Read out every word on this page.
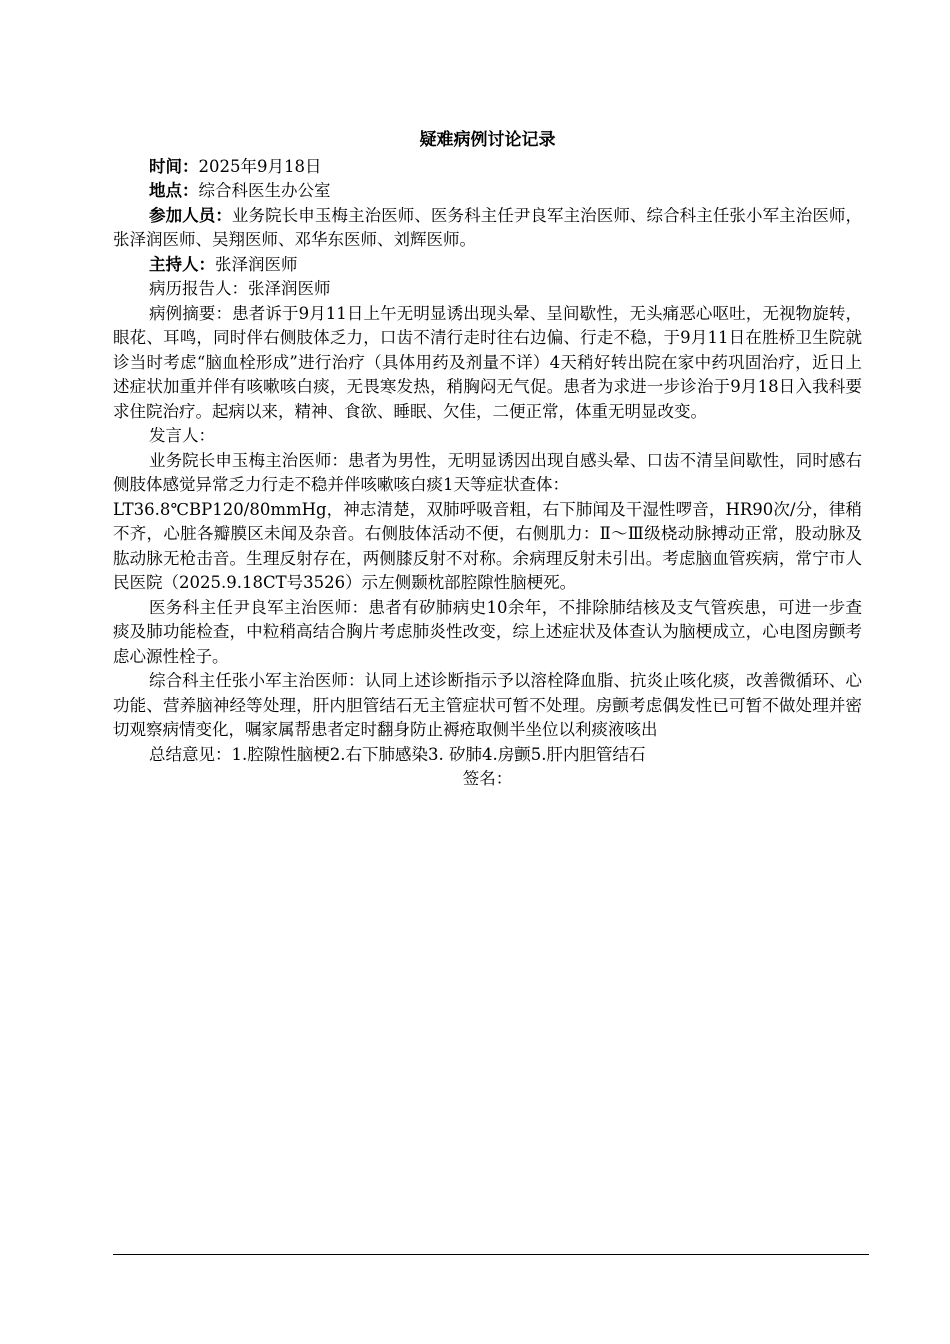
疑难病例讨论记录

时间：2025年9月18日

地点：综合科医生办公室

参加人员：业务院长申玉梅主治医师、医务科主任尹良军主治医师、综合科主任张小军主治医师，张泽润医师、吴翔医师、邓华东医师、刘辉医师。

主持人：张泽润医师

病历报告人：张泽润医师

病例摘要：患者诉于9月11日上午无明显诱出现头晕、呈间歇性，无头痛恶心呕吐，无视物旋转，眼花、耳鸣，同时伴右侧肢体乏力，口齿不清行走时往右边偏、行走不稳，于9月11日在胜桥卫生院就诊当时考虑“脑血栓形成”进行治疗（具体用药及剂量不详）4天稍好转出院在家中药巩固治疗，近日上述症状加重并伴有咳嗽咳白痰，无畏寒发热，稍胸闷无气促。患者为求进一步诊治于9月18日入我科要求住院治疗。起病以来，精神、食欲、睡眠、欠佳，二便正常，体重无明显改变。

发言人：

业务院长申玉梅主治医师：患者为男性，无明显诱因出现自感头晕、口齿不清呈间歇性，同时感右侧肢体感觉异常乏力行走不稳并伴咳嗽咳白痰1天等症状查体：

LT36.8℃BP120/80mmHg，神志清楚，双肺呼吸音粗，右下肺闻及干湿性啰音，HR90次/分，律稍不齐，心脏各瓣膜区未闻及杂音。右侧肢体活动不便，右侧肌力：Ⅱ～Ⅲ级桡动脉搏动正常，股动脉及肱动脉无枪击音。生理反射存在，两侧膝反射不对称。余病理反射未引出。考虑脑血管疾病，常宁市人民医院（2025.9.18CT号3526）示左侧颞枕部腔隙性脑梗死。

医务科主任尹良军主治医师：患者有矽肺病史10余年，不排除肺结核及支气管疾患，可进一步查痰及肺功能检查，中粒稍高结合胸片考虑肺炎性改变，综上述症状及体查认为脑梗成立，心电图房颤考虑心源性栓子。

综合科主任张小军主治医师：认同上述诊断指示予以溶栓降血脂、抗炎止咳化痰，改善微循环、心功能、营养脑神经等处理，肝内胆管结石无主管症状可暂不处理。房颤考虑偶发性已可暂不做处理并密切观察病情变化，嘱家属帮患者定时翻身防止褥疮取侧半坐位以利痰液咳出

总结意见：1.腔隙性脑梗2.右下肺感染3. 矽肺4.房颤5.肝内胆管结石

签名：
